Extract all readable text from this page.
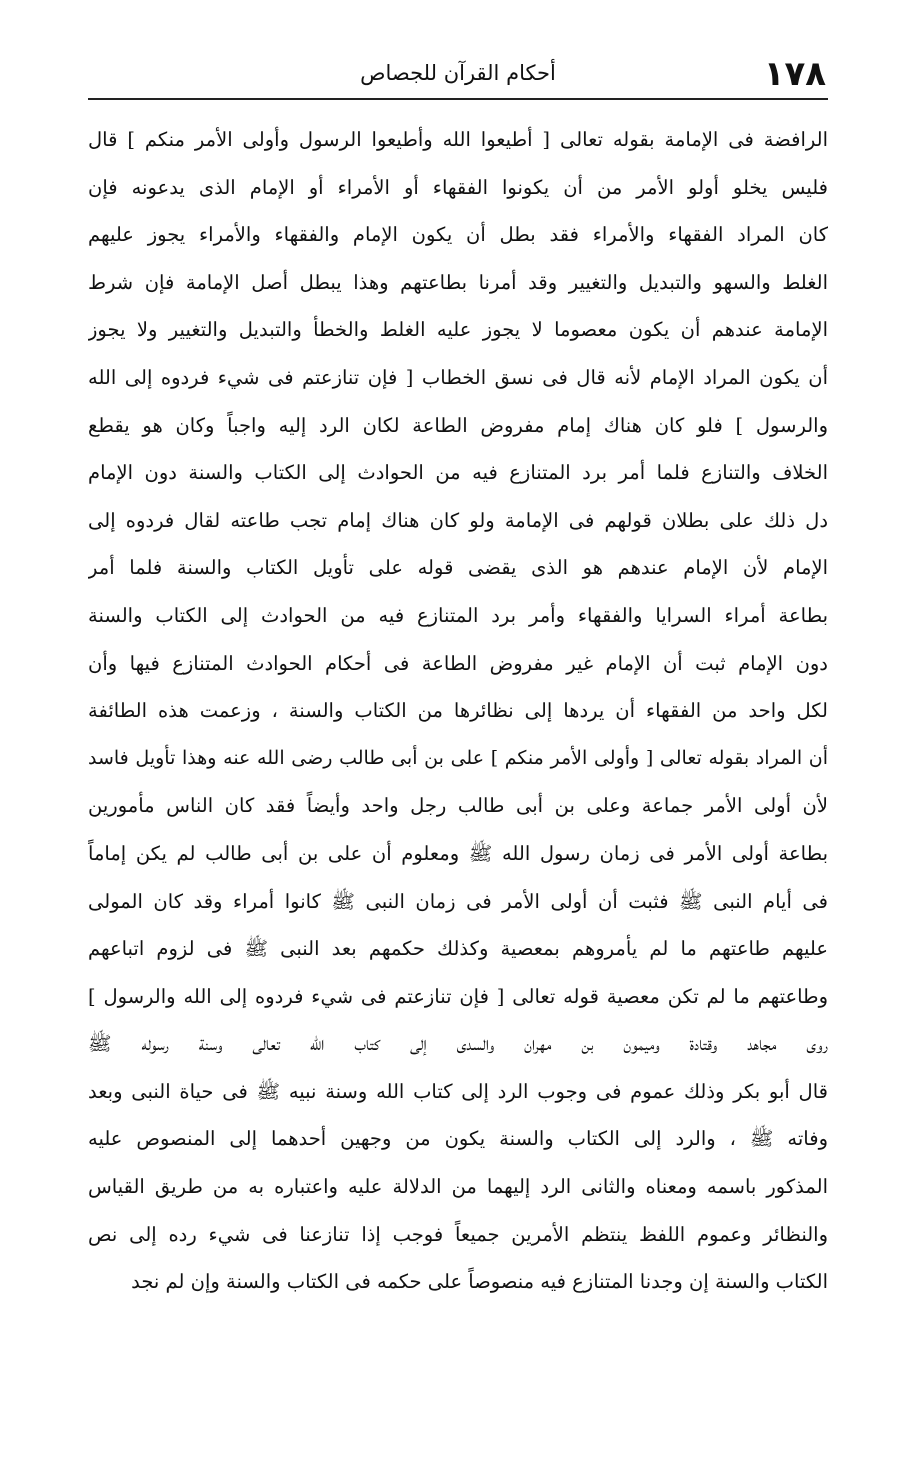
١٧٨
أحكام القرآن للجصاص
الرافضة فى الإمامة بقوله تعالى [ أطيعوا الله وأطيعوا الرسول وأولى الأمر منكم ] قال
فليس يخلو أولو الأمر من أن يكونوا الفقهاء أو الأمراء أو الإمام الذى يدعونه فإن
كان المراد الفقهاء والأمراء فقد بطل أن يكون الإمام والفقهاء والأمراء يجوز عليهم
الغلط والسهو والتبديل والتغيير وقد أمرنا بطاعتهم وهذا يبطل أصل الإمامة فإن شرط
الإمامة عندهم أن يكون معصوما لا يجوز عليه الغلط والخطأ والتبديل والتغيير ولا يجوز
أن يكون المراد الإمام لأنه قال فى نسق الخطاب [ فإن تنازعتم فى شيء فردوه إلى الله
والرسول ] فلو كان هناك إمام مفروض الطاعة لكان الرد إليه واجباً وكان هو يقطع
الخلاف والتنازع فلما أمر برد المتنازع فيه من الحوادث إلى الكتاب والسنة دون الإمام
دل ذلك على بطلان قولهم فى الإمامة ولو كان هناك إمام تجب طاعته لقال فردوه إلى
الإمام لأن الإمام عندهم هو الذى يقضى قوله على تأويل الكتاب والسنة فلما أمر
بطاعة أمراء السرايا والفقهاء وأمر برد المتنازع فيه من الحوادث إلى الكتاب والسنة
دون الإمام ثبت أن الإمام غير مفروض الطاعة فى أحكام الحوادث المتنازع فيها وأن
لكل واحد من الفقهاء أن يردها إلى نظائرها من الكتاب والسنة ، وزعمت هذه الطائفة
أن المراد بقوله تعالى [ وأولى الأمر منكم ] على بن أبى طالب رضى الله عنه وهذا تأويل فاسد
لأن أولى الأمر جماعة وعلى بن أبى طالب رجل واحد وأيضاً فقد كان الناس مأمورين
بطاعة أولى الأمر فى زمان رسول الله ﷺ ومعلوم أن على بن أبى طالب لم يكن إماماً
فى أيام النبى ﷺ فثبت أن أولى الأمر فى زمان النبى ﷺ كانوا أمراء وقد كان المولى
عليهم طاعتهم ما لم يأمروهم بمعصية وكذلك حكمهم بعد النبى ﷺ فى لزوم اتباعهم
وطاعتهم ما لم تكن معصية قوله تعالى [ فإن تنازعتم فى شيء فردوه إلى الله والرسول ]
روى مجاهد وقتادة وميمون بن مهران والسدى إلى كتاب الله تعالى وسنة رسوله ﷺ
قال أبو بكر وذلك عموم فى وجوب الرد إلى كتاب الله وسنة نبيه ﷺ فى حياة النبى وبعد
وفاته ﷺ ، والرد إلى الكتاب والسنة يكون من وجهين أحدهما إلى المنصوص عليه
المذكور باسمه ومعناه والثانى الرد إليهما من الدلالة عليه واعتباره به من طريق القياس
والنظائر وعموم اللفظ ينتظم الأمرين جميعاً فوجب إذا تنازعنا فى شيء رده إلى نص
الكتاب والسنة إن وجدنا المتنازع فيه منصوصاً على حكمه فى الكتاب والسنة وإن لم نجد
